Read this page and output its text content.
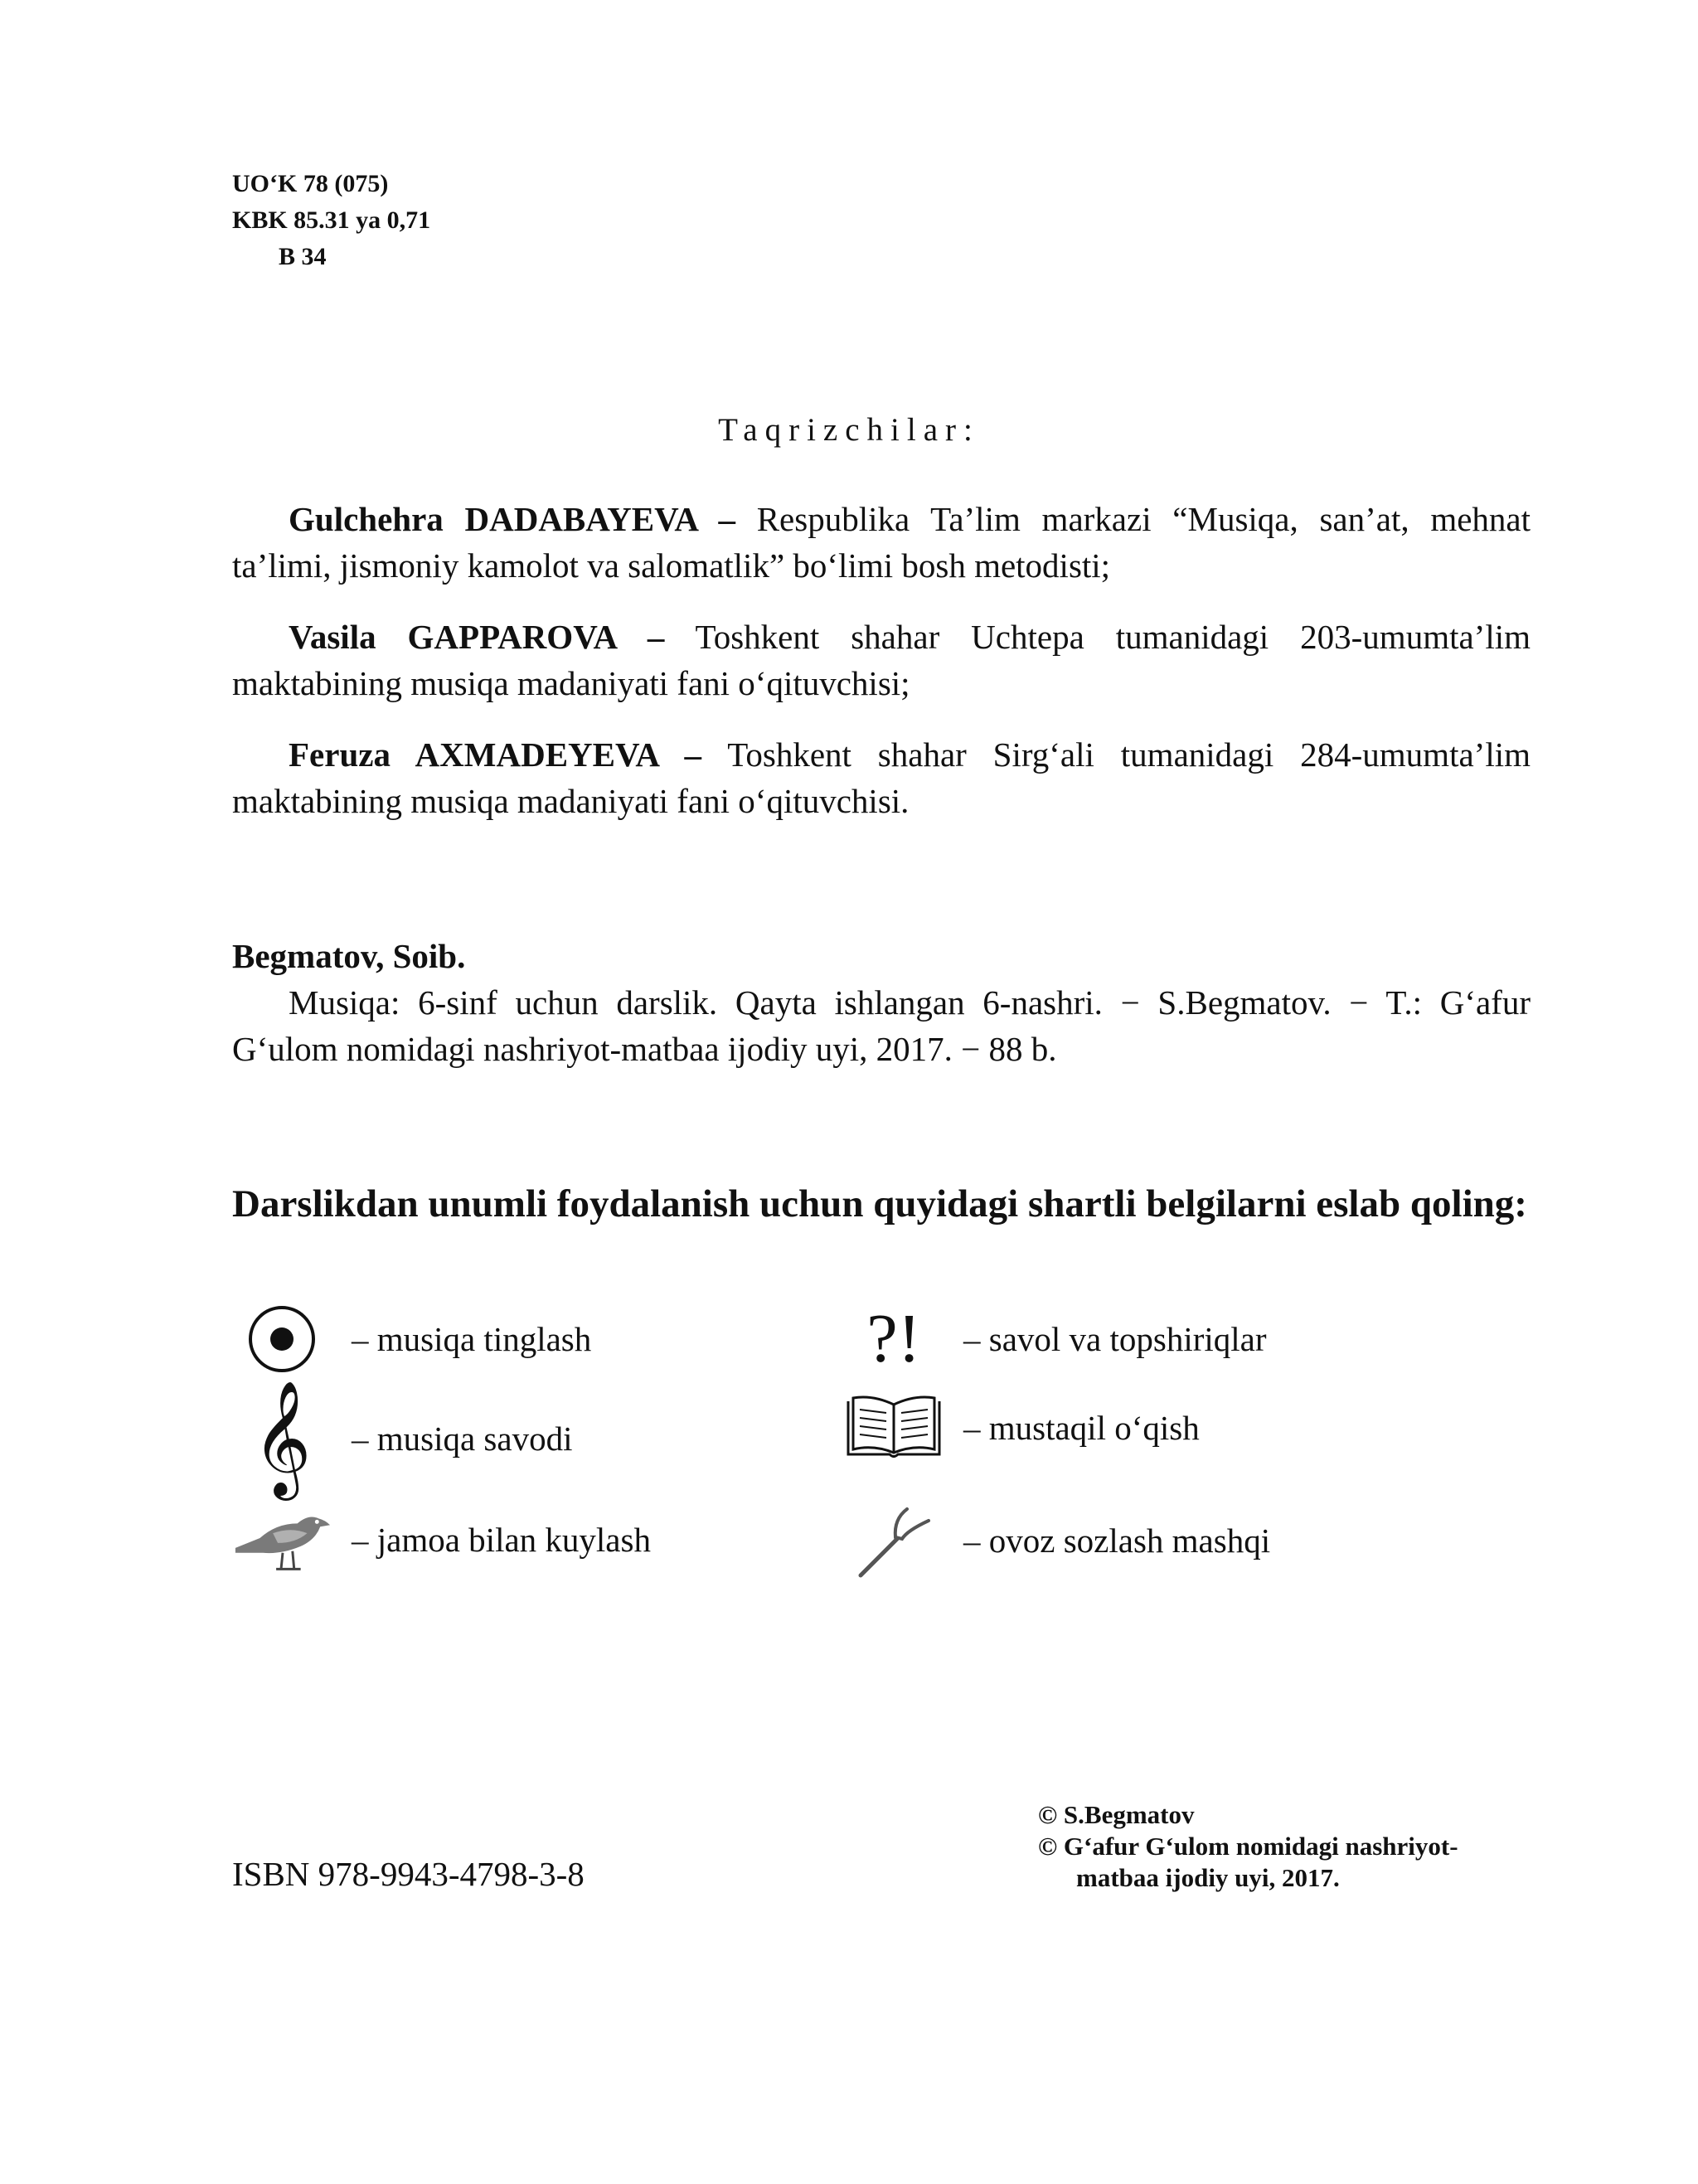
UO‘K 78 (075)
KBK 85.31 ya 0,71
B 34
Taqrizchilar:

Gulchehra DADABAYEVA – Respublika Ta’lim markazi “Musiqa, san’at, mehnat ta’limi, jismoniy kamolot va salomatlik” bo‘limi bosh metodisti;

Vasila GAPPAROVA – Toshkent shahar Uchtepa tumanidagi 203-umumta’lim maktabining musiqa madaniyati fani o‘qituvchisi;

Feruza AXMADEYEVA – Toshkent shahar Sirg‘ali tumanidagi 284-umumta’lim maktabining musiqa madaniyati fani o‘qituvchisi.

Begmatov, Soib.

Musiqa: 6-sinf uchun darslik. Qayta ishlangan 6-nashri. − S.Begmatov. − T.: G‘afur G‘ulom nomidagi nashriyot-matbaa ijodiy uyi, 2017. − 88 b.

Darslikdan unumli foydalanish uchun quyidagi shartli belgilarni eslab qoling:
– musiqa tinglash	?!	– savol va topshiriqlar
𝄞	– musiqa savodi	– mustaqil o‘qish
– jamoa bilan kuylash	– ovoz sozlash mashqi
ISBN 978-9943-4798-3-8
© S.Begmatov
© G‘afur G‘ulom nomidagi nashriyot-
matbaa ijodiy uyi, 2017.
